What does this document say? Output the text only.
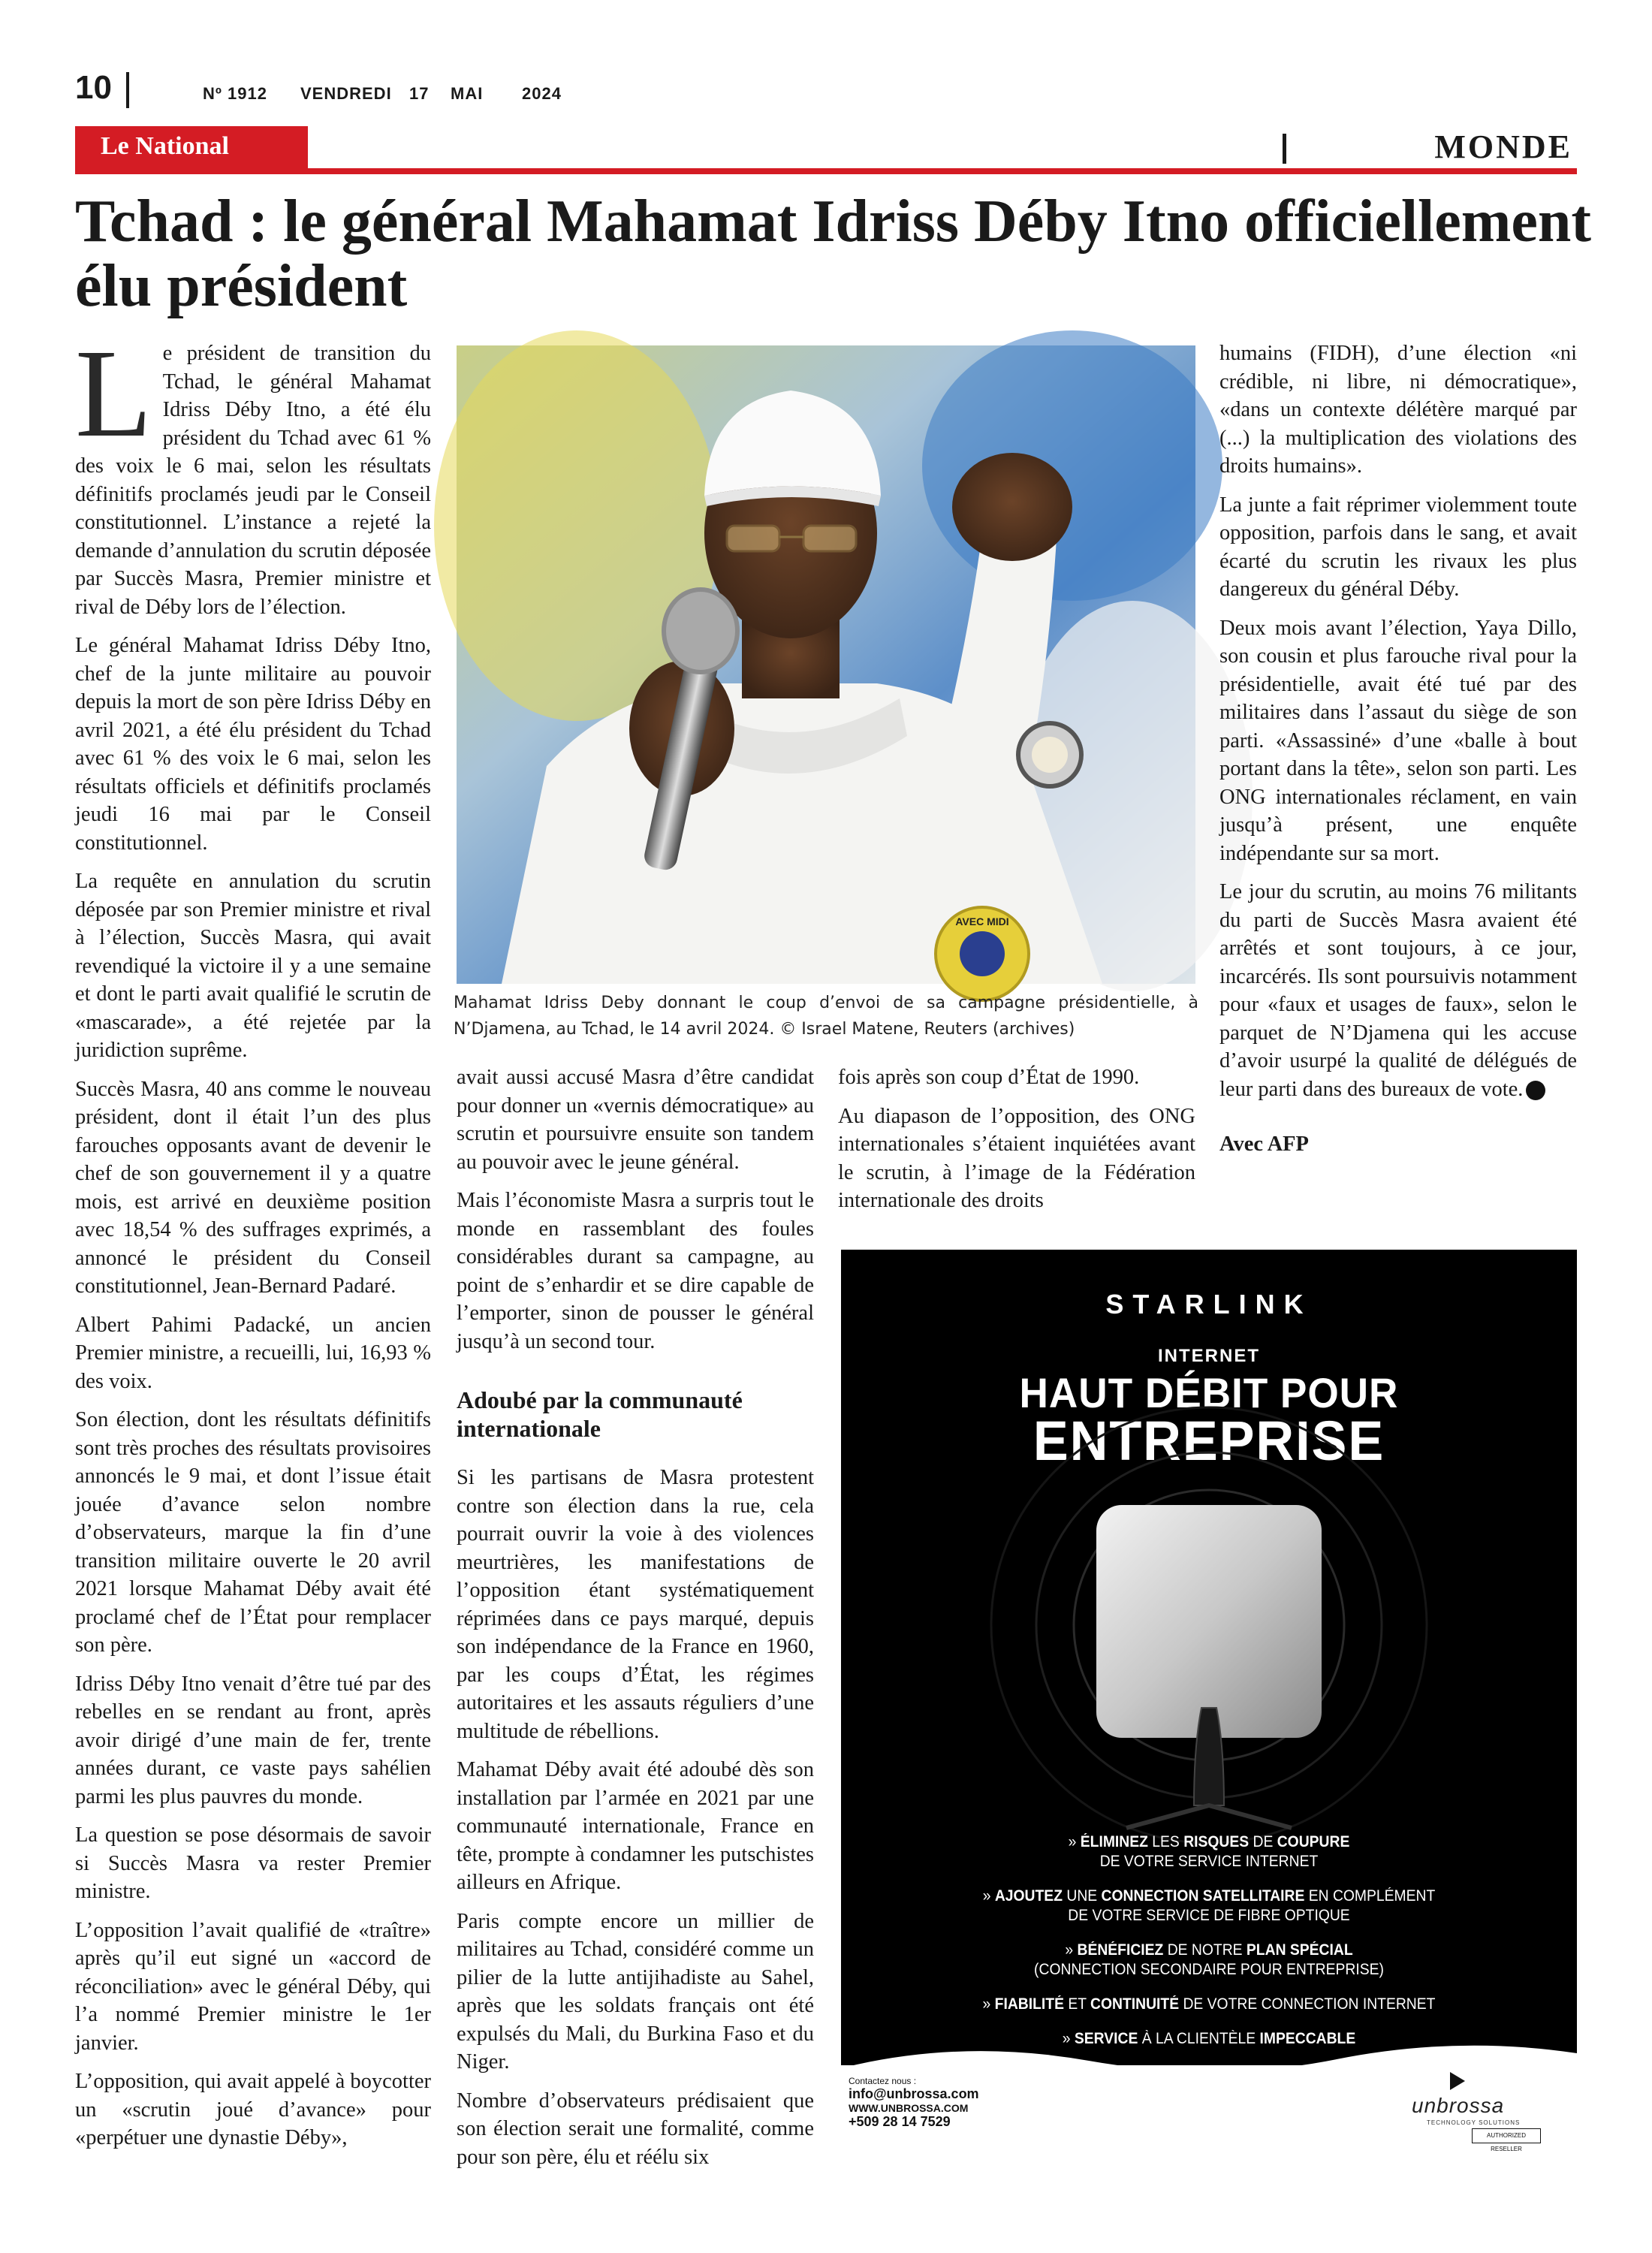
10	Nº 1912 VENDREDI 17 MAI 2024
Le National	MONDE
Tchad : le général Mahamat Idriss Déby Itno officiellement élu président

Le président de transition du Tchad, le général Mahamat Idriss Déby Itno, a été élu président du Tchad avec 61 % des voix le 6 mai, selon les résultats définitifs proclamés jeudi par le Conseil constitutionnel. L’instance a rejeté la demande d’annulation du scrutin déposée par Succès Masra, Premier ministre et rival de Déby lors de l’élection.

Le général Mahamat Idriss Déby Itno, chef de la junte militaire au pouvoir depuis la mort de son père Idriss Déby en avril 2021, a été élu président du Tchad avec 61 % des voix le 6 mai, selon les résultats officiels et définitifs proclamés jeudi 16 mai par le Conseil constitutionnel.

La requête en annulation du scrutin déposée par son Premier ministre et rival à l’élection, Succès Masra, qui avait revendiqué la victoire il y a une semaine et dont le parti avait qualifié le scrutin de «mascarade», a été rejetée par la juridiction suprême.

Succès Masra, 40 ans comme le nouveau président, dont il était l’un des plus farouches opposants avant de devenir le chef de son gouvernement il y a quatre mois, est arrivé en deuxième position avec 18,54 % des suffrages exprimés, a annoncé le président du Conseil constitutionnel, Jean-Bernard Padaré.

Albert Pahimi Padacké, un ancien Premier ministre, a recueilli, lui, 16,93 % des voix.

Son élection, dont les résultats définitifs sont très proches des résultats provisoires annoncés le 9 mai, et dont l’issue était jouée d’avance selon nombre d’observateurs, marque la fin d’une transition militaire ouverte le 20 avril 2021 lorsque Mahamat Déby avait été proclamé chef de l’État pour remplacer son père.

Idriss Déby Itno venait d’être tué par des rebelles en se rendant au front, après avoir dirigé d’une main de fer, trente années durant, ce vaste pays sahélien parmi les plus pauvres du monde.

La question se pose désormais de savoir si Succès Masra va rester Premier ministre.

L’opposition l’avait qualifié de «traître» après qu’il eut signé un «accord de réconciliation» avec le général Déby, qui l’a nommé Premier ministre le 1er janvier.

L’opposition, qui avait appelé à boycotter un «scrutin joué d’avance» pour «perpétuer une dynastie Déby»,

AVEC MIDI
Mahamat Idriss Deby donnant le coup d’envoi de sa campagne présidentielle, à N’Djamena, au Tchad, le 14 avril 2024. © Israel Matene, Reuters (archives)

avait aussi accusé Masra d’être candidat pour donner un «vernis démocratique» au scrutin et poursuivre ensuite son tandem au pouvoir avec le jeune général.

Mais l’économiste Masra a surpris tout le monde en rassemblant des foules considérables durant sa campagne, au point de s’enhardir et se dire capable de l’emporter, sinon de pousser le général jusqu’à un second tour.

Adoubé par la communauté internationale

Si les partisans de Masra protestent contre son élection dans la rue, cela pourrait ouvrir la voie à des violences meurtrières, les manifestations de l’opposition étant systématiquement réprimées dans ce pays marqué, depuis son indépendance de la France en 1960, par les coups d’État, les régimes autoritaires et les assauts réguliers d’une multitude de rébellions.

Mahamat Déby avait été adoubé dès son installation par l’armée en 2021 par une communauté internationale, France en tête, prompte à condamner les putschistes ailleurs en Afrique.

Paris compte encore un millier de militaires au Tchad, considéré comme un pilier de la lutte antijihadiste au Sahel, après que les soldats français ont été expulsés du Mali, du Burkina Faso et du Niger.

Nombre d’observateurs prédisaient que son élection serait une formalité, comme pour son père, élu et réélu six

fois après son coup d’État de 1990.

Au diapason de l’opposition, des ONG internationales s’étaient inquiétées avant le scrutin, à l’image de la Fédération internationale des droits

humains (FIDH), d’une élection «ni crédible, ni libre, ni démocratique», «dans un contexte délétère marqué par (...) la multiplication des violations des droits humains».

La junte a fait réprimer violemment toute opposition, parfois dans le sang, et avait écarté du scrutin les rivaux les plus dangereux du général Déby.

Deux mois avant l’élection, Yaya Dillo, son cousin et plus farouche rival pour la présidentielle, avait été tué par des militaires dans l’assaut du siège de son parti. «Assassiné» d’une «balle à bout portant dans la tête», selon son parti. Les ONG internationales réclament, en vain jusqu’à présent, une enquête indépendante sur sa mort.

Le jour du scrutin, au moins 76 militants du parti de Succès Masra avaient été arrêtés et sont toujours, à ce jour, incarcérés. Ils sont poursuivis notamment pour «faux et usages de faux», selon le parquet de N’Djamena qui les accuse d’avoir usurpé la qualité de délégués de leur parti dans des bureaux de vote.

Avec AFP

STARLINK
INTERNET
HAUT DÉBIT POUR
ENTREPRISE
» ÉLIMINEZ LES RISQUES DE COUPURE
DE VOTRE SERVICE INTERNET
» AJOUTEZ UNE CONNECTION SATELLITAIRE EN COMPLÉMENT
DE VOTRE SERVICE DE FIBRE OPTIQUE
» BÉNÉFICIEZ DE NOTRE PLAN SPÉCIAL
(CONNECTION SECONDAIRE POUR ENTREPRISE)
» FIABILITÉ ET CONTINUITÉ DE VOTRE CONNECTION INTERNET
» SERVICE À LA CLIENTÈLE IMPECCABLE
Contactez nous :
info@unbrossa.com
WWW.UNBROSSA.COM
+509 28 14 7529
unbrossa
TECHNOLOGY SOLUTIONS
AUTHORIZED RESELLER
